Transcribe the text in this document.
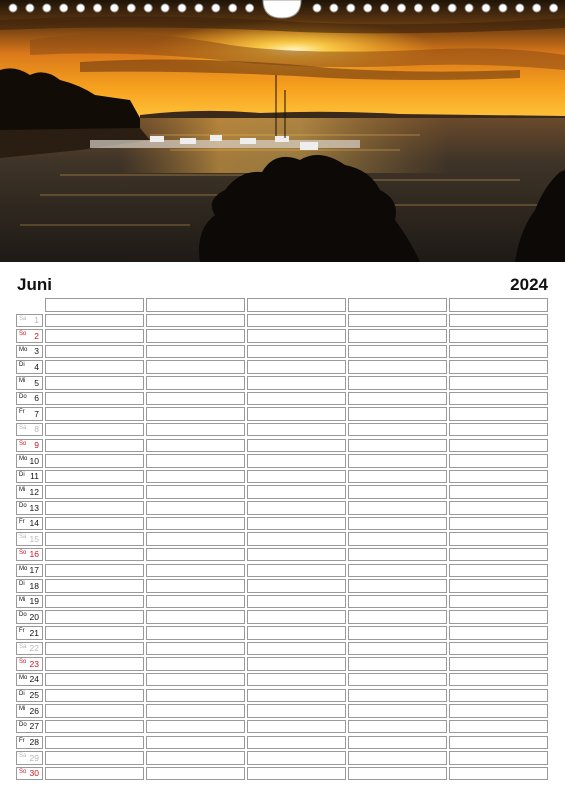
Juni	2024
Sa 1
So 2
Mo 3
Di 4
Mi 5
Do 6
Fr 7
Sa 8
So 9
Mo 10
Di 11
Mi 12
Do 13
Fr 14
Sa 15
So 16
Mo 17
Di 18
Mi 19
Do 20
Fr 21
Sa 22
So 23
Mo 24
Di 25
Mi 26
Do 27
Fr 28
Sa 29
So 30
